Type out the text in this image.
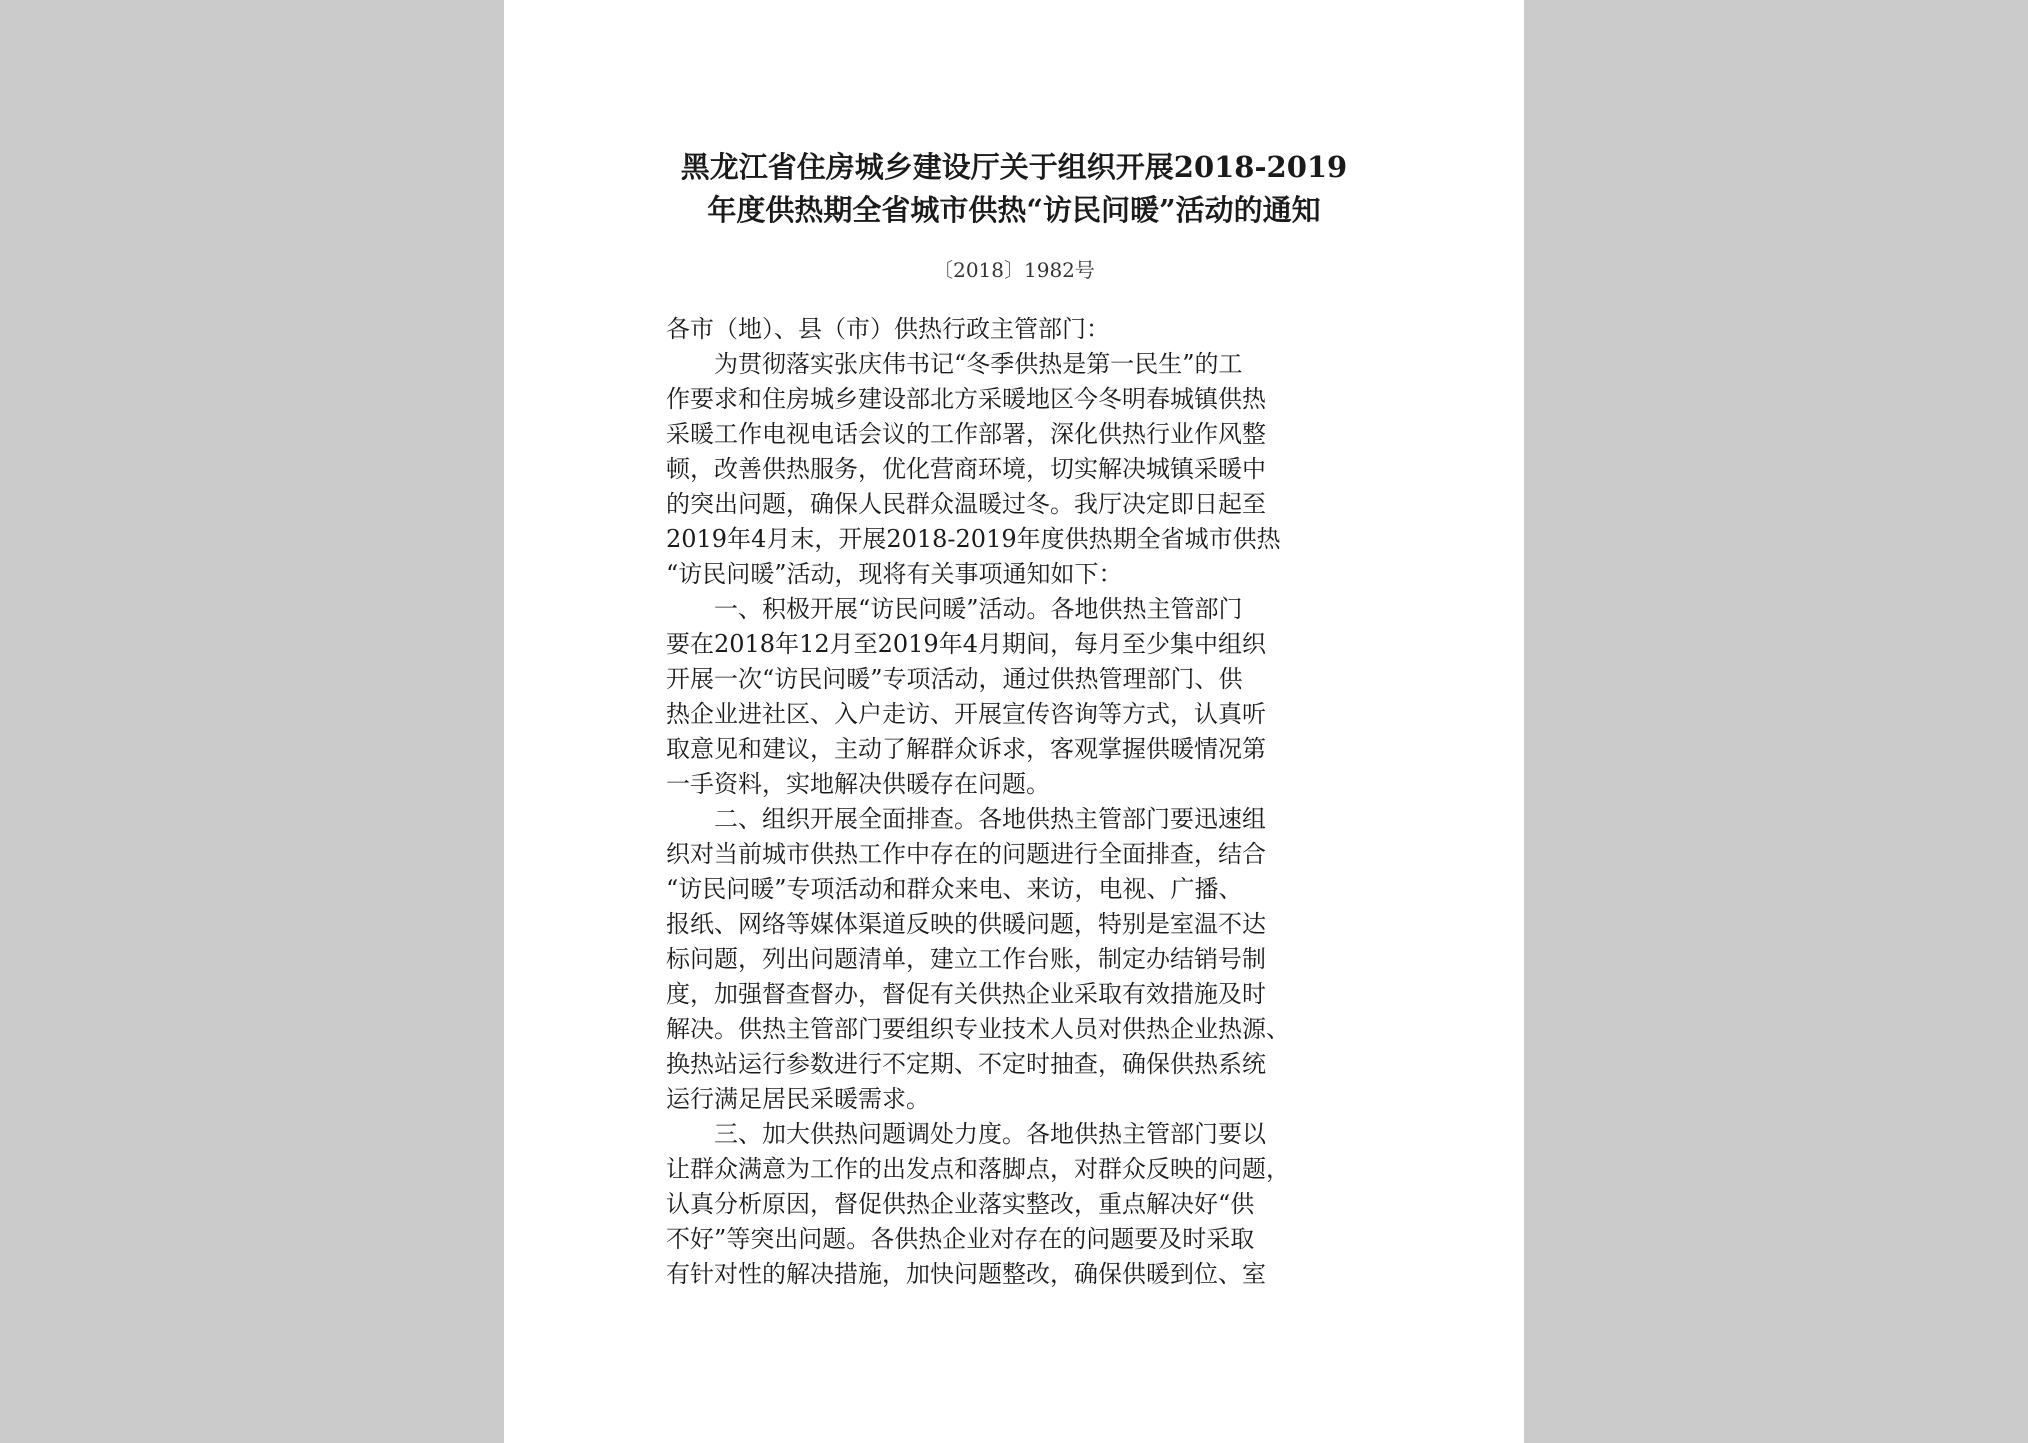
黑龙江省住房城乡建设厅关于组织开展2018-2019
年度供热期全省城市供热“访民问暖”活动的通知
〔2018〕1982号
各市（地）、县（市）供热行政主管部门：
为贯彻落实张庆伟书记“冬季供热是第一民生”的工
作要求和住房城乡建设部北方采暖地区今冬明春城镇供热
采暖工作电视电话会议的工作部署，深化供热行业作风整
顿，改善供热服务，优化营商环境，切实解决城镇采暖中
的突出问题，确保人民群众温暖过冬。我厅决定即日起至
2019年4月末，开展2018-2019年度供热期全省城市供热
“访民问暖”活动，现将有关事项通知如下：
一、积极开展“访民问暖”活动。各地供热主管部门
要在2018年12月至2019年4月期间，每月至少集中组织
开展一次“访民问暖”专项活动，通过供热管理部门、供
热企业进社区、入户走访、开展宣传咨询等方式，认真听
取意见和建议，主动了解群众诉求，客观掌握供暖情况第
一手资料，实地解决供暖存在问题。
二、组织开展全面排查。各地供热主管部门要迅速组
织对当前城市供热工作中存在的问题进行全面排查，结合
“访民问暖”专项活动和群众来电、来访，电视、广播、
报纸、网络等媒体渠道反映的供暖问题，特别是室温不达
标问题，列出问题清单，建立工作台账，制定办结销号制
度，加强督查督办，督促有关供热企业采取有效措施及时
解决。供热主管部门要组织专业技术人员对供热企业热源、
换热站运行参数进行不定期、不定时抽查，确保供热系统
运行满足居民采暖需求。
三、加大供热问题调处力度。各地供热主管部门要以
让群众满意为工作的出发点和落脚点，对群众反映的问题，
认真分析原因，督促供热企业落实整改，重点解决好“供
不好”等突出问题。各供热企业对存在的问题要及时采取
有针对性的解决措施，加快问题整改，确保供暖到位、室
